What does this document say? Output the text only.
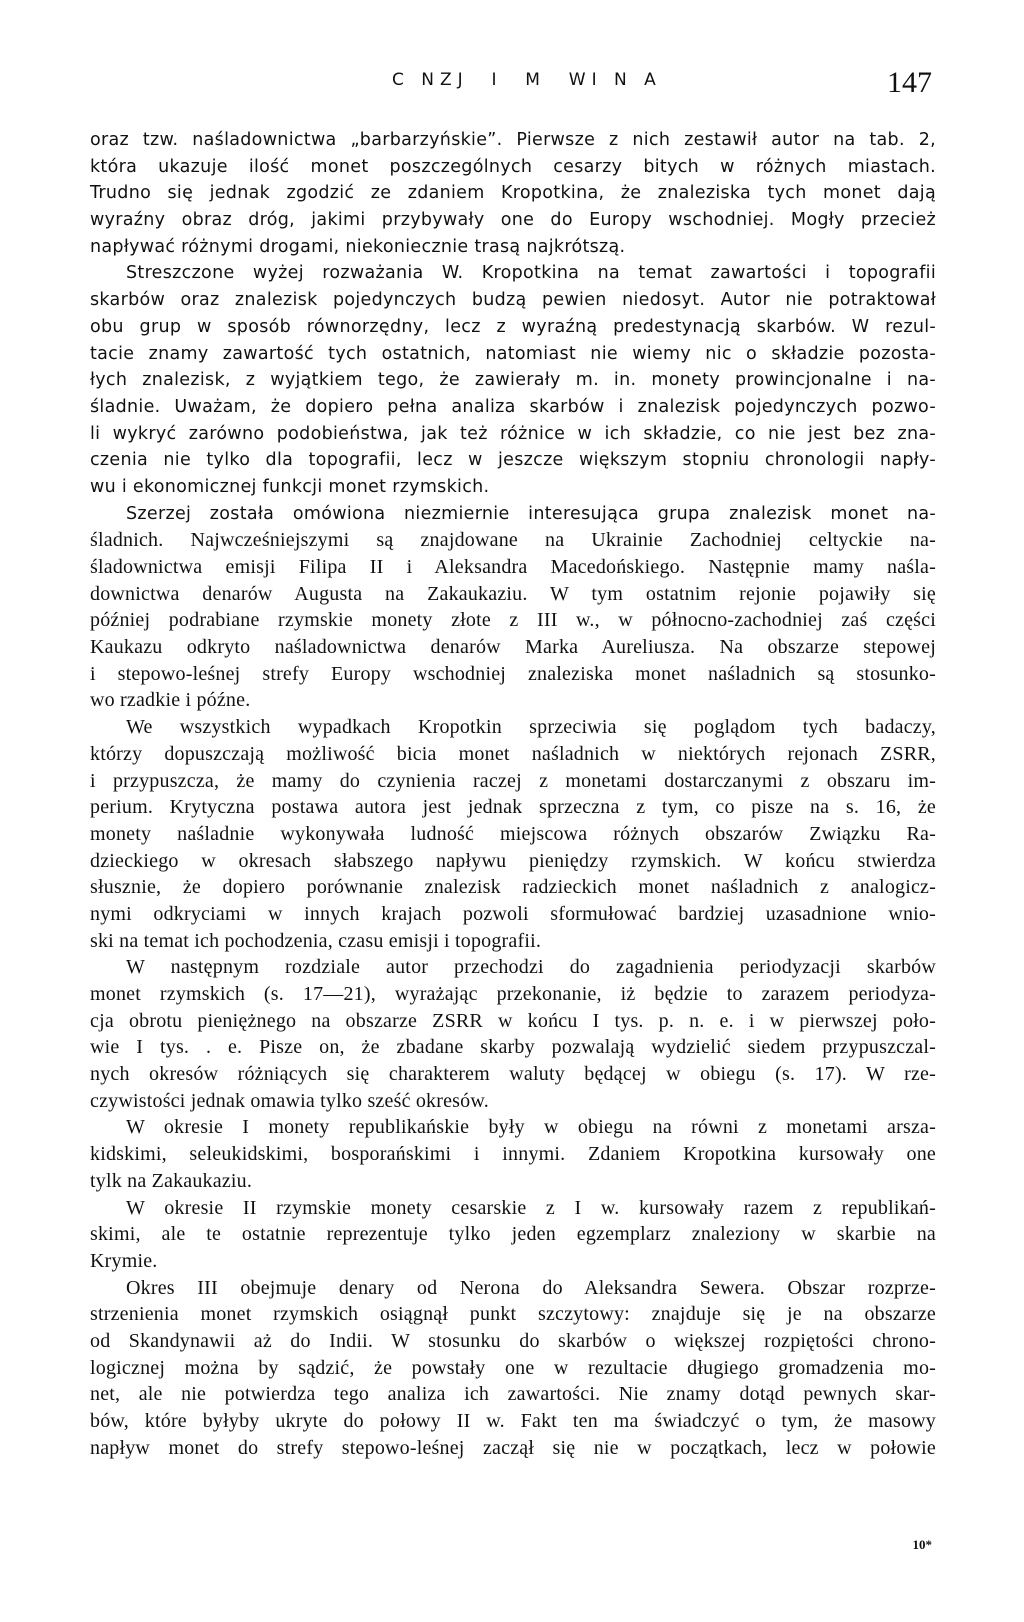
C NZJ  I  M  WI N A	147
oraz tzw. naśladownictwa „barbarzyńskie”. Pierwsze z nich zestawił autor na tab. 2,
która ukazuje ilość monet poszczególnych cesarzy bitych w różnych miastach.
Trudno się jednak zgodzić ze zdaniem Kropotkina, że znaleziska tych monet dają
wyraźny obraz dróg, jakimi przybywały one do Europy wschodniej. Mogły przecież
napływać różnymi drogami, niekoniecznie trasą najkrótszą.
Streszczone wyżej rozważania W. Kropotkina na temat zawartości i topografii
skarbów oraz znalezisk pojedynczych budzą pewien niedosyt. Autor nie potraktował
obu grup w sposób równorzędny, lecz z wyraźną predestynacją skarbów. W rezul-
tacie znamy zawartość tych ostatnich, natomiast nie wiemy nic o składzie pozosta-
łych znalezisk, z wyjątkiem tego, że zawierały m. in. monety prowincjonalne i na-
śladnie. Uważam, że dopiero pełna analiza skarbów i znalezisk pojedynczych pozwo-
li wykryć zarówno podobieństwa, jak też różnice w ich składzie, co nie jest bez zna-
czenia nie tylko dla topografii, lecz w jeszcze większym stopniu chronologii napły-
wu i ekonomicznej funkcji monet rzymskich.
Szerzej została omówiona niezmiernie interesująca grupa znalezisk monet na-
śladnich. Najwcześniejszymi są znajdowane na Ukrainie Zachodniej celtyckie na-
śladownictwa emisji Filipa II i Aleksandra Macedońskiego. Następnie mamy naśla-
downictwa denarów Augusta na Zakaukaziu. W tym ostatnim rejonie pojawiły się
później podrabiane rzymskie monety złote z III w., w północno-zachodniej zaś części
Kaukazu odkryto naśladownictwa denarów Marka Aureliusza. Na obszarze stepowej
i stepowo-leśnej strefy Europy wschodniej znaleziska monet naśladnich są stosunko-
wo rzadkie i późne.
We wszystkich wypadkach Kropotkin sprzeciwia się poglądom tych badaczy,
którzy dopuszczają możliwość bicia monet naśladnich w niektórych rejonach ZSRR,
i przypuszcza, że mamy do czynienia raczej z monetami dostarczanymi z obszaru im-
perium. Krytyczna postawa autora jest jednak sprzeczna z tym, co pisze na s. 16, że
monety naśladnie wykonywała ludność miejscowa różnych obszarów Związku Ra-
dzieckiego w okresach słabszego napływu pieniędzy rzymskich. W końcu stwierdza
słusznie, że dopiero porównanie znalezisk radzieckich monet naśladnich z analogicz-
nymi odkryciami w innych krajach pozwoli sformułować bardziej uzasadnione wnio-
ski na temat ich pochodzenia, czasu emisji i topografii.
W następnym rozdziale autor przechodzi do zagadnienia periodyzacji skarbów
monet rzymskich (s. 17—21), wyrażając przekonanie, iż będzie to zarazem periodyza-
cja obrotu pieniężnego na obszarze ZSRR w końcu I tys. p. n. e. i w pierwszej poło-
wie I tys. . e. Pisze on, że zbadane skarby pozwalają wydzielić siedem przypuszczal-
nych okresów różniących się charakterem waluty będącej w obiegu (s. 17). W rze-
czywistości jednak omawia tylko sześć okresów.
W okresie I monety republikańskie były w obiegu na równi z monetami arsza-
kidskimi, seleukidskimi, bosporańskimi i innymi. Zdaniem Kropotkina kursowały one
tylk na Zakaukaziu.
W okresie II rzymskie monety cesarskie z I w. kursowały razem z republikań-
skimi, ale te ostatnie reprezentuje tylko jeden egzemplarz znaleziony w skarbie na
Krymie.
Okres III obejmuje denary od Nerona do Aleksandra Sewera. Obszar rozprze-
strzenienia monet rzymskich osiągnął punkt szczytowy: znajduje się je na obszarze
od Skandynawii aż do Indii. W stosunku do skarbów o większej rozpiętości chrono-
logicznej można by sądzić, że powstały one w rezultacie długiego gromadzenia mo-
net, ale nie potwierdza tego analiza ich zawartości. Nie znamy dotąd pewnych skar-
bów, które byłyby ukryte do połowy II w. Fakt ten ma świadczyć o tym, że masowy
napływ monet do strefy stepowo-leśnej zaczął się nie w początkach, lecz w połowie
10*
